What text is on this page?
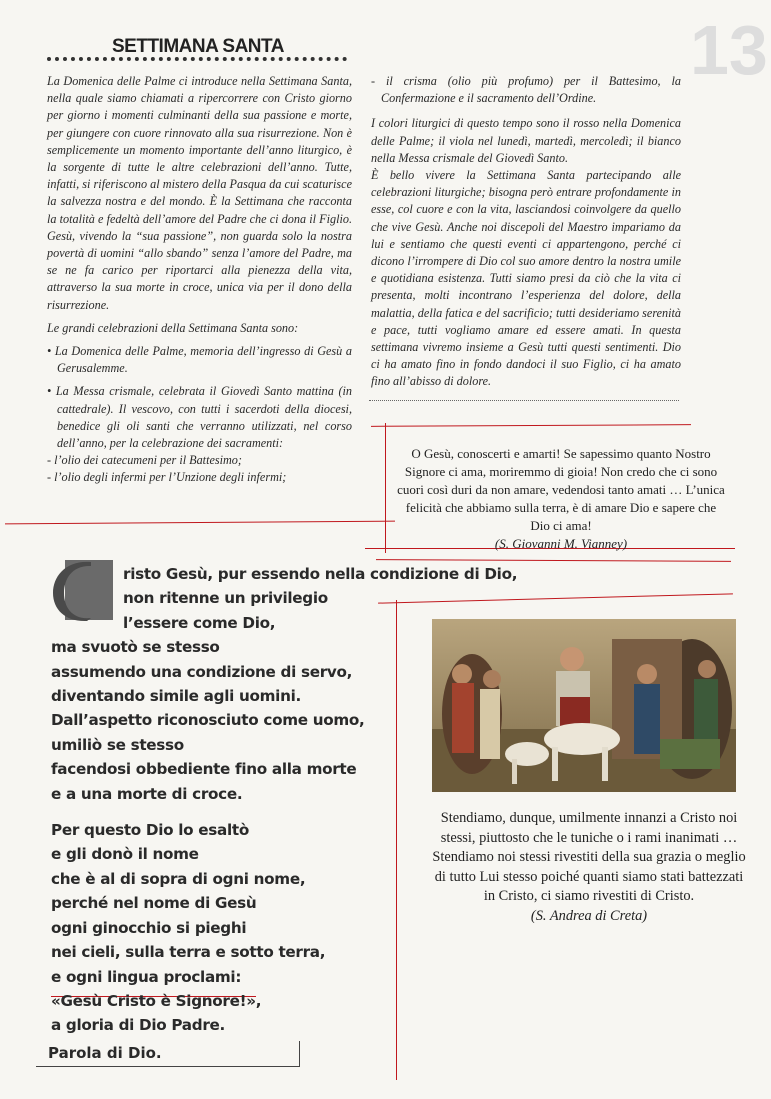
13
SETTIMANA SANTA

La Domenica delle Palme ci introduce nella Settimana Santa, nella quale siamo chiamati a ripercorrere con Cristo giorno per giorno i momenti culminanti della sua passione e morte, per giungere con cuore rinnovato alla sua risurrezione. Non è semplicemente un momento importante dell’anno liturgico, è la sorgente di tutte le altre celebrazioni dell’anno. Tutte, infatti, si riferiscono al mistero della Pasqua da cui scaturisce la salvezza nostra e del mondo. È la Settimana che racconta la totalità e fedeltà dell’amore del Padre che ci dona il Figlio. Gesù, vivendo la “sua passione”, non guarda solo la nostra povertà di uomini “allo sbando” senza l’amore del Padre, ma se ne fa carico per riportarci alla pienezza della vita, attraverso la sua morte in croce, unica via per il dono della risurrezione.

Le grandi celebrazioni della Settimana Santa sono:

• La Domenica delle Palme, memoria dell’ingresso di Gesù a Gerusalemme.
• La Messa crismale, celebrata il Giovedì Santo mattina (in cattedrale). Il vescovo, con tutti i sacerdoti della diocesi, benedice gli oli santi che verranno utilizzati, nel corso dell’anno, per la celebrazione dei sacramenti:

- l’olio dei catecumeni per il Battesimo;

- l’olio degli infermi per l’Unzione degli infermi;

- il crisma (olio più profumo) per il Battesimo, la Confermazione e il sacramento dell’Ordine.

I colori liturgici di questo tempo sono il rosso nella Domenica delle Palme; il viola nel lunedì, martedì, mercoledì; il bianco nella Messa crismale del Giovedì Santo.

È bello vivere la Settimana Santa partecipando alle celebrazioni liturgiche; bisogna però entrare profondamente in esse, col cuore e con la vita, lasciandosi coinvolgere da quello che vive Gesù. Anche noi discepoli del Maestro impariamo da lui e sentiamo che questi eventi ci appartengono, perché ci dicono l’irrompere di Dio col suo amore dentro la nostra umile e quotidiana esistenza. Tutti siamo presi da ciò che la vita ci presenta, molti incontrano l’esperienza del dolore, della malattia, della fatica e del sacrificio; tutti desideriamo serenità e pace, tutti vogliamo amare ed essere amati. In questa settimana vivremo insieme a Gesù tutti questi sentimenti. Dio ci ha amato fino in fondo dandoci il suo Figlio, ci ha amato fino all’abisso di dolore.

O Gesù, conoscerti e amarti! Se sapessimo quanto Nostro Signore ci ama, moriremmo di gioia! Non credo che ci sono cuori così duri da non amare, vedendosi tanto amati … L’unica felicità che abbiamo sulla terra, è di amare Dio e sapere che Dio ci ama!
(S. Giovanni M. Vianney)
risto Gesù, pur essendo nella condizione di Dio,
non ritenne un privilegio
l’essere come Dio,
ma svuotò se stesso
assumendo una condizione di servo,
diventando simile agli uomini.
Dall’aspetto riconosciuto come uomo,
umiliò se stesso
facendosi obbediente fino alla morte
e a una morte di croce.
Per questo Dio lo esaltò
e gli donò il nome
che è al di sopra di ogni nome,
perché nel nome di Gesù
ogni ginocchio si pieghi
nei cieli, sulla terra e sotto terra,
e ogni lingua proclami:
«Gesù Cristo è Signore!»,
a gloria di Dio Padre.
Stendiamo, dunque, umilmente innanzi a Cristo noi stessi, piuttosto che le tuniche o i rami inanimati … Stendiamo noi stessi rivestiti della sua grazia o meglio di tutto Lui stesso poiché quanti siamo stati battezzati in Cristo, ci siamo rivestiti di Cristo.
(S. Andrea di Creta)
Parola di Dio.
